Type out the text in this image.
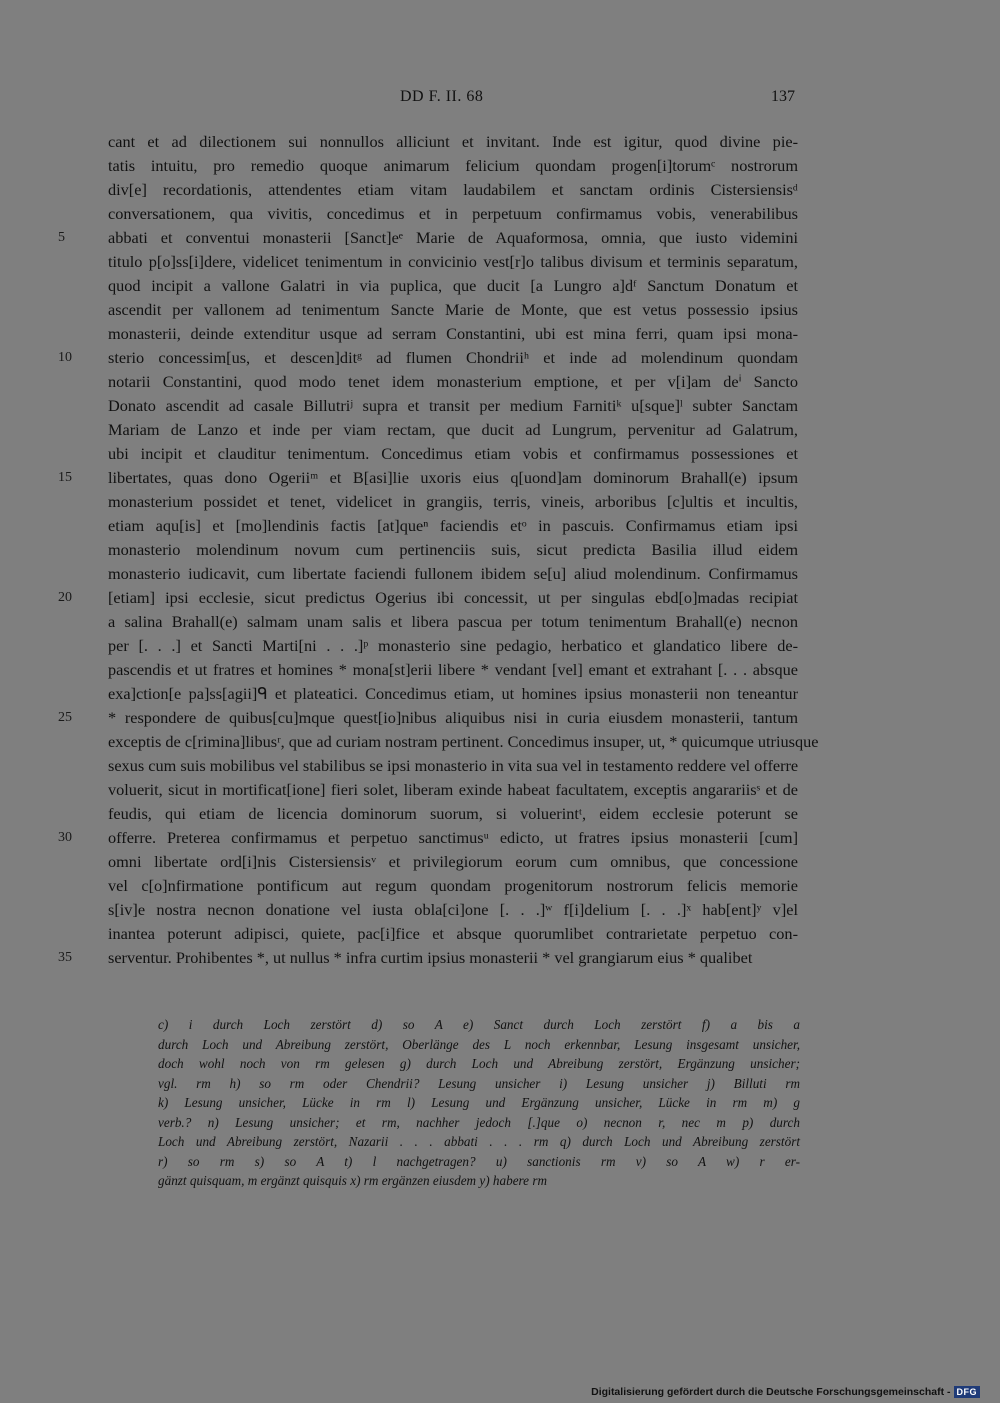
DD F. II. 68	137
cant et ad dilectionem sui nonnullos alliciunt et invitant. Inde est igitur, quod divine pie-
tatis intuitu, pro remedio quoque animarum felicium quondam progen[i]torumᶜ nostrorum
div[e] recordationis, attendentes etiam vitam laudabilem et sanctam ordinis Cistersiensisᵈ
conversationem, qua vivitis, concedimus et in perpetuum confirmamus vobis, venerabilibus
abbati et conventui monasterii [Sanct]eᵉ Marie de Aquaformosa, omnia, que iusto videmini
titulo p[o]ss[i]dere, videlicet tenimentum in convicinio vest[r]o talibus divisum et terminis separatum,
quod incipit a vallone Galatri in via puplica, que ducit [a Lungro a]dᶠ Sanctum Donatum et
ascendit per vallonem ad tenimentum Sancte Marie de Monte, que est vetus possessio ipsius
monasterii, deinde extenditur usque ad serram Constantini, ubi est mina ferri, quam ipsi mona-
sterio concessim[us, et descen]ditᵍ ad flumen Chondriiʰ et inde ad molendinum quondam
notarii Constantini, quod modo tenet idem monasterium emptione, et per v[i]am deⁱ Sancto
Donato ascendit ad casale Billutriʲ supra et transit per medium Farnitiᵏ u[sque]ˡ subter Sanctam
Mariam de Lanzo et inde per viam rectam, que ducit ad Lungrum, pervenitur ad Galatrum,
ubi incipit et clauditur tenimentum. Concedimus etiam vobis et confirmamus possessiones et
libertates, quas dono Ogeriiᵐ et B[asi]lie uxoris eius q[uond]am dominorum Brahall(e) ipsum
monasterium possidet et tenet, videlicet in grangiis, terris, vineis, arboribus [c]ultis et incultis,
etiam aqu[is] et [mo]lendinis factis [at]queⁿ faciendis etᵒ in pascuis. Confirmamus etiam ipsi
monasterio molendinum novum cum pertinenciis suis, sicut predicta Basilia illud eidem
monasterio iudicavit, cum libertate faciendi fullonem ibidem se[u] aliud molendinum. Confirmamus
[etiam] ipsi ecclesie, sicut predictus Ogerius ibi concessit, ut per singulas ebd[o]madas recipiat
a salina Brahall(e) salmam unam salis et libera pascua per totum tenimentum Brahall(e) necnon
per [. . .] et Sancti Marti[ni . . .]ᵖ monasterio sine pedagio, herbatico et glandatico libere de-
pascendis et ut fratres et homines * mona[st]erii libere * vendant [vel] emant et extrahant [. . . absque
exa]ction[e pa]ss[agii]ᑫ et plateatici. Concedimus etiam, ut homines ipsius monasterii non teneantur
* respondere de quibus[cu]mque quest[io]nibus aliquibus nisi in curia eiusdem monasterii, tantum
exceptis de c[rimina]libusʳ, que ad curiam nostram pertinent. Concedimus insuper, ut, * quicumque utriusque
sexus cum suis mobilibus vel stabilibus se ipsi monasterio in vita sua vel in testamento reddere vel offerre
voluerit, sicut in mortificat[ione] fieri solet, liberam exinde habeat facultatem, exceptis angarariisˢ et de
feudis, qui etiam de licencia dominorum suorum, si voluerintᵗ, eidem ecclesie poterunt se
offerre. Preterea confirmamus et perpetuo sanctimusᵘ edicto, ut fratres ipsius monasterii [cum]
omni libertate ord[i]nis Cistersiensisᵛ et privilegiorum eorum cum omnibus, que concessione
vel c[o]nfirmatione pontificum aut regum quondam progenitorum nostrorum felicis memorie
s[iv]e nostra necnon donatione vel iusta obla[ci]one [. . .]ʷ f[i]delium [. . .]ˣ hab[ent]ʸ v]el
inantea poterunt adipisci, quiete, pac[i]fice et absque quorumlibet contrarietate perpetuo con-
serventur. Prohibentes *, ut nullus * infra curtim ipsius monasterii * vel grangiarum eius * qualibet
5
10
15
20
25
30
35
c) i durch Loch zerstört d) so A e) Sanct durch Loch zerstört f) a bis a
durch Loch und Abreibung zerstört, Oberlänge des L noch erkennbar, Lesung insgesamt unsicher,
doch wohl noch von rm gelesen g) durch Loch und Abreibung zerstört, Ergänzung unsicher;
vgl. rm h) so rm oder Chendrii? Lesung unsicher i) Lesung unsicher j) Billuti rm
k) Lesung unsicher, Lücke in rm l) Lesung und Ergänzung unsicher, Lücke in rm m) g
verb.? n) Lesung unsicher; et rm, nachher jedoch [.]que o) necnon r, nec m p) durch
Loch und Abreibung zerstört, Nazarii . . . abbati . . . rm q) durch Loch und Abreibung zerstört
r) so rm s) so A t) l nachgetragen? u) sanctionis rm v) so A w) r er-
gänzt quisquam, m ergänzt quisquis x) rm ergänzen eiusdem y) habere rm
Digitalisierung gefördert durch die Deutsche Forschungsgemeinschaft - DFG
